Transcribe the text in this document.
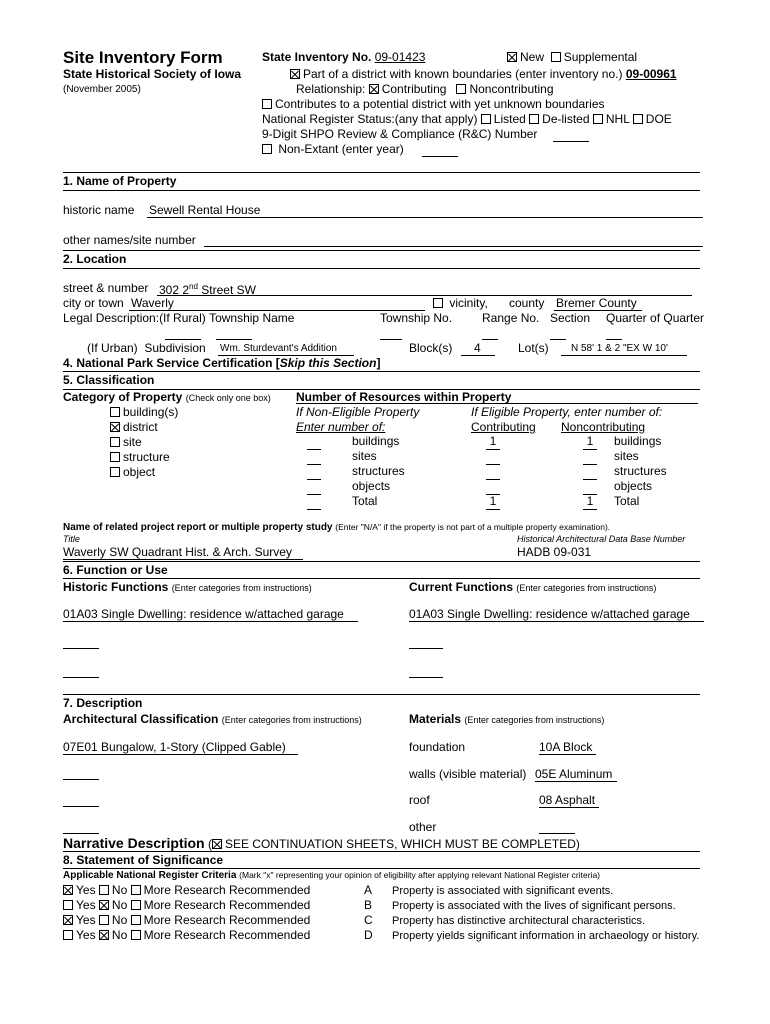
Site Inventory Form
State Historical Society of Iowa
(November 2005)
State Inventory No. 09-01423	New Supplemental
Part of a district with known boundaries (enter inventory no.) 09-00961
Relationship: Contributing Noncontributing
Contributes to a potential district with yet unknown boundaries
National Register Status:(any that apply) Listed De-listed NHL DOE
9-Digit SHPO Review & Compliance (R&C) Number
Non-Extant (enter year)
1. Name of Property
historic name Sewell Rental House
other names/site number
2. Location
street & number 302 2nd Street SW
city or town Waverly	vicinity, county Bremer County
Legal Description:(If Rural) Township Name	Township No. Range No. Section Quarter of Quarter
(If Urban) Subdivision Wm. Sturdevant's Addition	Block(s) 4	Lot(s) N 58' 1 & 2 "EX W 10'
4. National Park Service Certification [Skip this Section]
5. Classification
Category of Property (Check only one box)
building(s)
district
site
structure
object
Number of Resources within Property
If Non-Eligible Property
Enter number of:
If Eligible Property, enter number of:
Contributing Noncontributing
buildings	1	1	buildings
sites	sites
structures	structures
objects	objects
Total	1	1	Total
Name of related project report or multiple property study (Enter "N/A" if the property is not part of a multiple property examination).
Title	Historical Architectural Data Base Number
Waverly SW Quadrant Hist. & Arch. Survey	HADB 09-031
6. Function or Use
Historic Functions (Enter categories from instructions)	Current Functions (Enter categories from instructions)
01A03 Single Dwelling: residence w/attached garage	01A03 Single Dwelling: residence w/attached garage
7. Description
Architectural Classification (Enter categories from instructions)	Materials (Enter categories from instructions)
07E01 Bungalow, 1-Story (Clipped Gable)	foundation	10A Block
walls (visible material) 05E Aluminum
roof	08 Asphalt
other
Narrative Description ( SEE CONTINUATION SHEETS, WHICH MUST BE COMPLETED)
8. Statement of Significance
Applicable National Register Criteria (Mark "x" representing your opinion of eligibility after applying relevant National Register criteria)
Yes No More Research Recommended	A Property is associated with significant events.
Yes No More Research Recommended	B Property is associated with the lives of significant persons.
Yes No More Research Recommended	C Property has distinctive architectural characteristics.
Yes No More Research Recommended	D Property yields significant information in archaeology or history.
